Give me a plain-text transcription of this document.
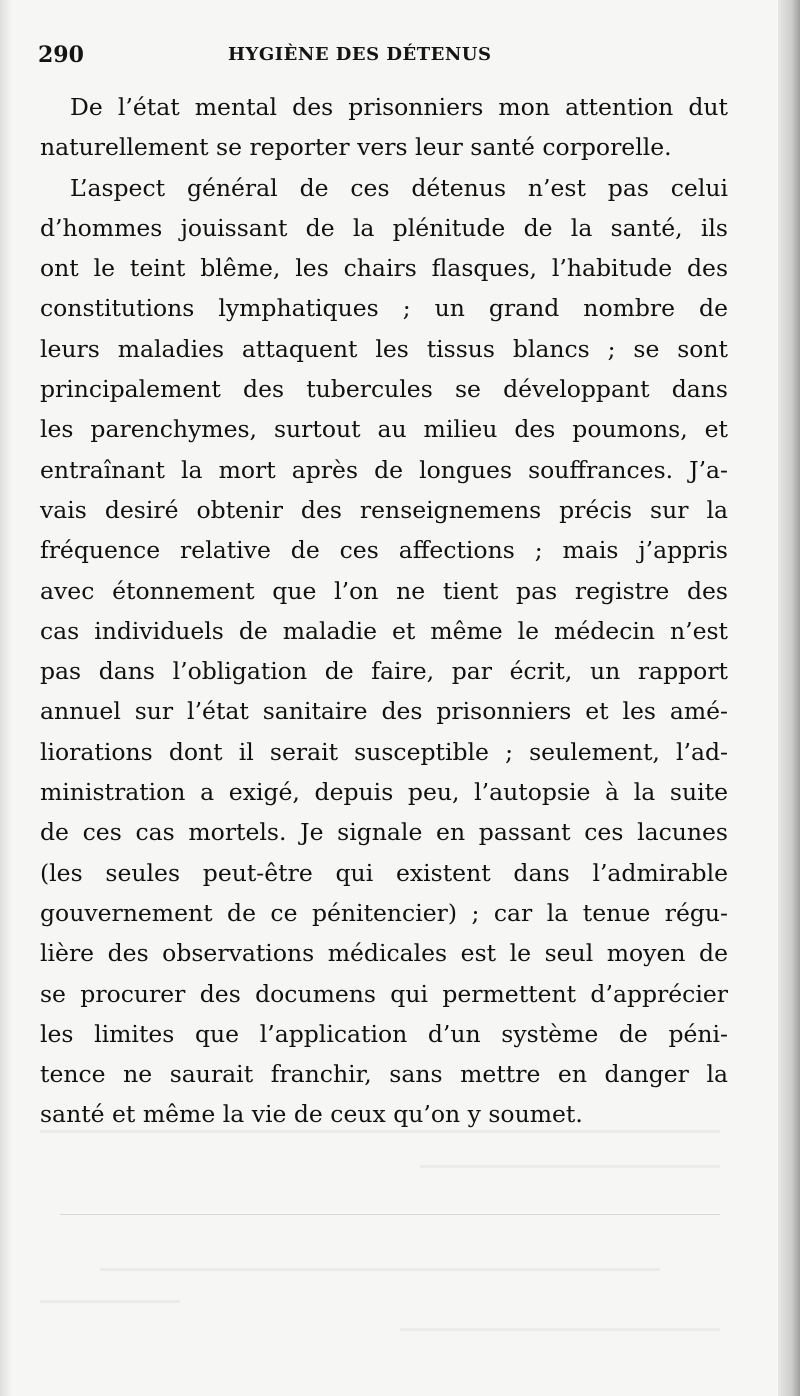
290	HYGIÈNE DES DÉTENUS
De l’état mental des prisonniers mon attention dut
naturellement se reporter vers leur santé corporelle.
L’aspect général de ces détenus n’est pas celui
d’hommes jouissant de la plénitude de la santé, ils
ont le teint blême, les chairs flasques, l’habitude des
constitutions lymphatiques ; un grand nombre de
leurs maladies attaquent les tissus blancs ; se sont
principalement des tubercules se développant dans
les parenchymes, surtout au milieu des poumons, et
entraînant la mort après de longues souffrances. J’a-
vais desiré obtenir des renseignemens précis sur la
fréquence relative de ces affections ; mais j’appris
avec étonnement que l’on ne tient pas registre des
cas individuels de maladie et même le médecin n’est
pas dans l’obligation de faire, par écrit, un rapport
annuel sur l’état sanitaire des prisonniers et les amé-
liorations dont il serait susceptible ; seulement, l’ad-
ministration a exigé, depuis peu, l’autopsie à la suite
de ces cas mortels. Je signale en passant ces lacunes
(les seules peut-être qui existent dans l’admirable
gouvernement de ce pénitencier) ; car la tenue régu-
lière des observations médicales est le seul moyen de
se procurer des documens qui permettent d’apprécier
les limites que l’application d’un système de péni-
tence ne saurait franchir, sans mettre en danger la
santé et même la vie de ceux qu’on y soumet.
